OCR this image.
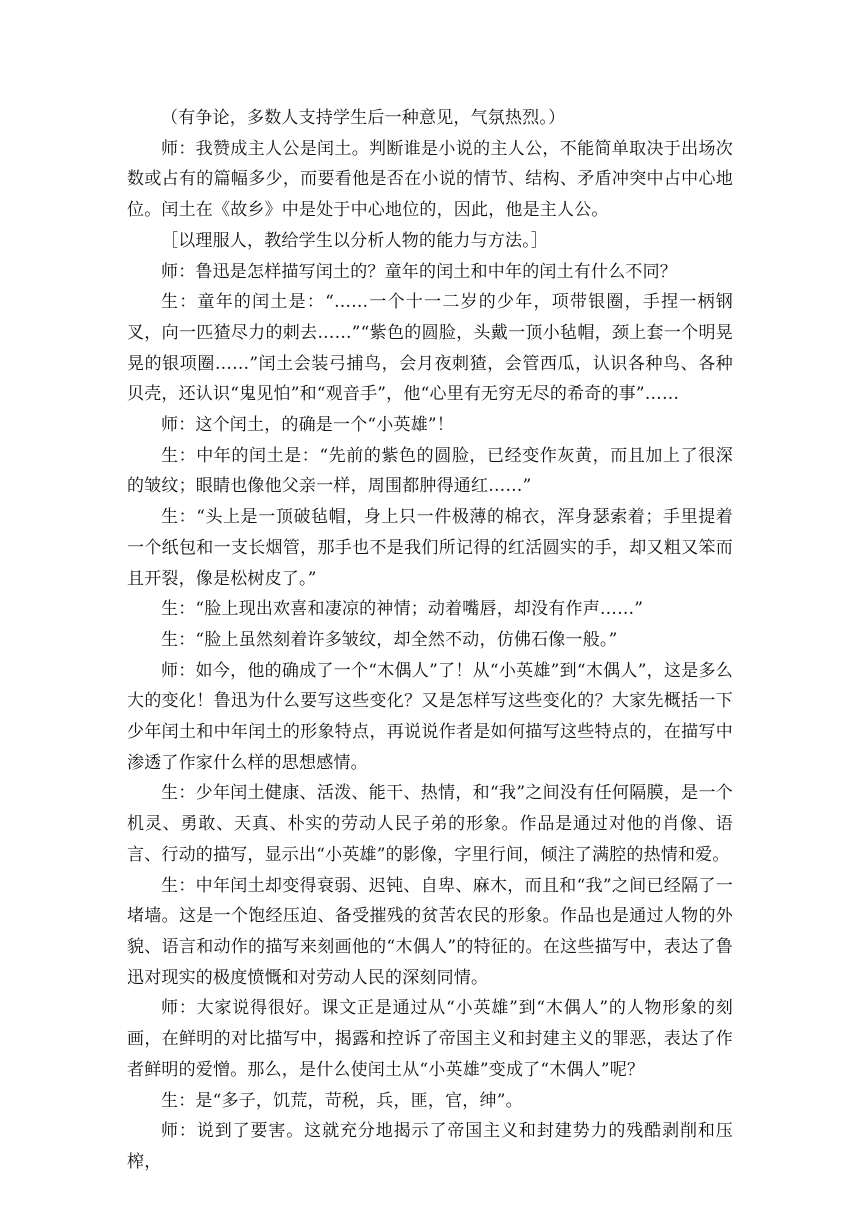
（有争论，多数人支持学生后一种意见，气氛热烈。）

师：我赞成主人公是闰土。判断谁是小说的主人公，不能简单取决于出场次数或占有的篇幅多少，而要看他是否在小说的情节、结构、矛盾冲突中占中心地位。闰土在《故乡》中是处于中心地位的，因此，他是主人公。

［以理服人，教给学生以分析人物的能力与方法。］

师：鲁迅是怎样描写闰土的？童年的闰土和中年的闰土有什么不同？

生：童年的闰土是：“……一个十一二岁的少年，项带银圈，手捏一柄钢叉，向一匹猹尽力的刺去……”“紫色的圆脸，头戴一顶小毡帽，颈上套一个明晃晃的银项圈……”闰土会装弓捕鸟，会月夜刺猹，会管西瓜，认识各种鸟、各种贝壳，还认识“鬼见怕”和“观音手”，他“心里有无穷无尽的希奇的事”……

师：这个闰土，的确是一个“小英雄”！

生：中年的闰土是：“先前的紫色的圆脸，已经变作灰黄，而且加上了很深的皱纹；眼睛也像他父亲一样，周围都肿得通红……”

生：“头上是一顶破毡帽，身上只一件极薄的棉衣，浑身瑟索着；手里提着一个纸包和一支长烟管，那手也不是我们所记得的红活圆实的手，却又粗又笨而且开裂，像是松树皮了。”

生：“脸上现出欢喜和凄凉的神情；动着嘴唇，却没有作声……”

生：“脸上虽然刻着许多皱纹，却全然不动，仿佛石像一般。”

师：如今，他的确成了一个“木偶人”了！从“小英雄”到“木偶人”，这是多么大的变化！鲁迅为什么要写这些变化？又是怎样写这些变化的？大家先概括一下少年闰土和中年闰土的形象特点，再说说作者是如何描写这些特点的，在描写中渗透了作家什么样的思想感情。

生：少年闰土健康、活泼、能干、热情，和“我”之间没有任何隔膜，是一个机灵、勇敢、天真、朴实的劳动人民子弟的形象。作品是通过对他的肖像、语言、行动的描写，显示出“小英雄”的影像，字里行间，倾注了满腔的热情和爱。

生：中年闰土却变得衰弱、迟钝、自卑、麻木，而且和“我”之间已经隔了一堵墙。这是一个饱经压迫、备受摧残的贫苦农民的形象。作品也是通过人物的外貌、语言和动作的描写来刻画他的“木偶人”的特征的。在这些描写中，表达了鲁迅对现实的极度愤慨和对劳动人民的深刻同情。

师：大家说得很好。课文正是通过从“小英雄”到“木偶人”的人物形象的刻画，在鲜明的对比描写中，揭露和控诉了帝国主义和封建主义的罪恶，表达了作者鲜明的爱憎。那么，是什么使闰土从“小英雄”变成了“木偶人”呢？

生：是“多子，饥荒，苛税，兵，匪，官，绅”。

师：说到了要害。这就充分地揭示了帝国主义和封建势力的残酷剥削和压榨，
